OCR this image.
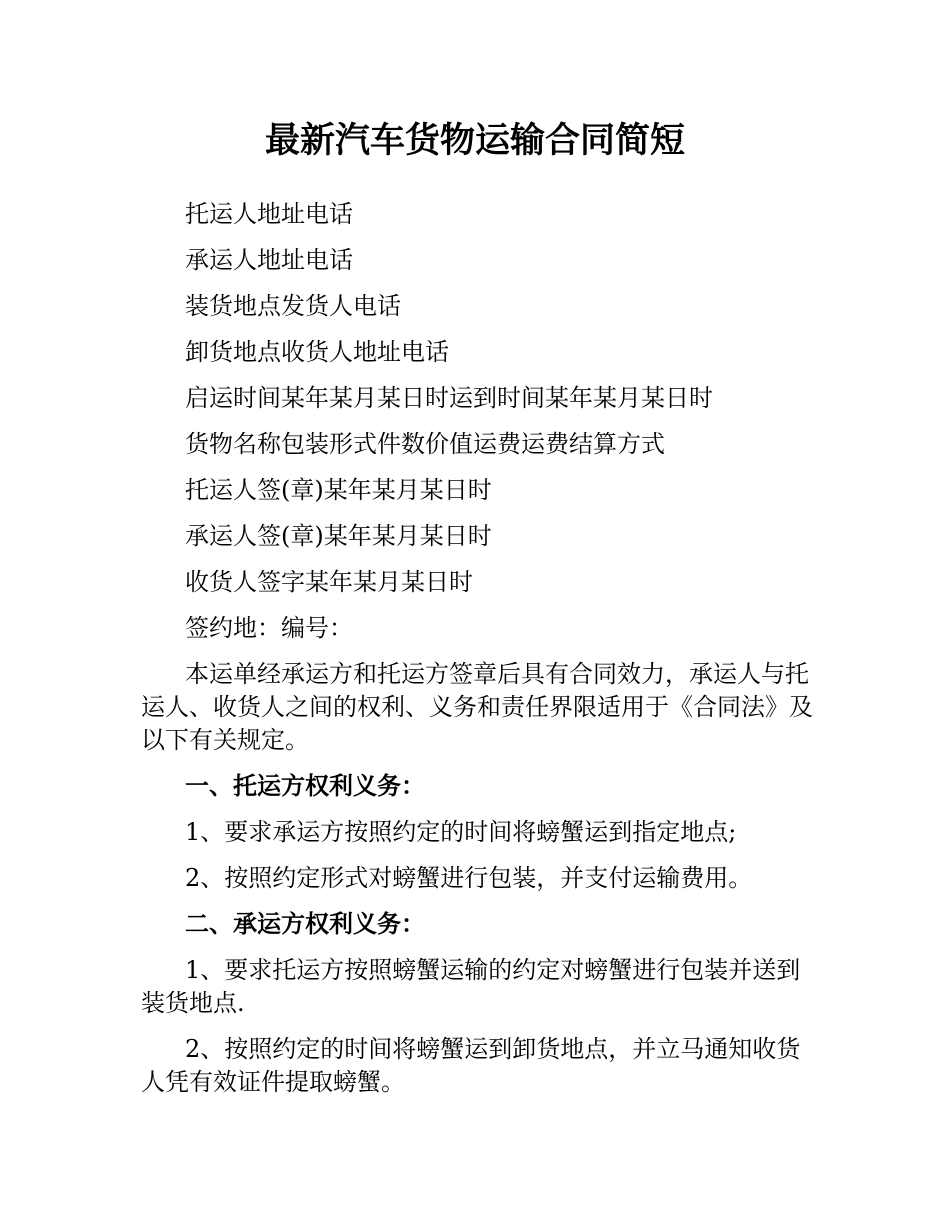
最新汽车货物运输合同简短

托运人地址电话

承运人地址电话

装货地点发货人电话

卸货地点收货人地址电话

启运时间某年某月某日时运到时间某年某月某日时

货物名称包装形式件数价值运费运费结算方式

托运人签(章)某年某月某日时

承运人签(章)某年某月某日时

收货人签字某年某月某日时

签约地：编号：

本运单经承运方和托运方签章后具有合同效力，承运人与托运人、收货人之间的权利、义务和责任界限适用于《合同法》及以下有关规定。

一、托运方权利义务：

1、要求承运方按照约定的时间将螃蟹运到指定地点;

2、按照约定形式对螃蟹进行包装，并支付运输费用。

二、承运方权利义务：

1、要求托运方按照螃蟹运输的约定对螃蟹进行包装并送到装货地点.

2、按照约定的时间将螃蟹运到卸货地点，并立马通知收货人凭有效证件提取螃蟹。
